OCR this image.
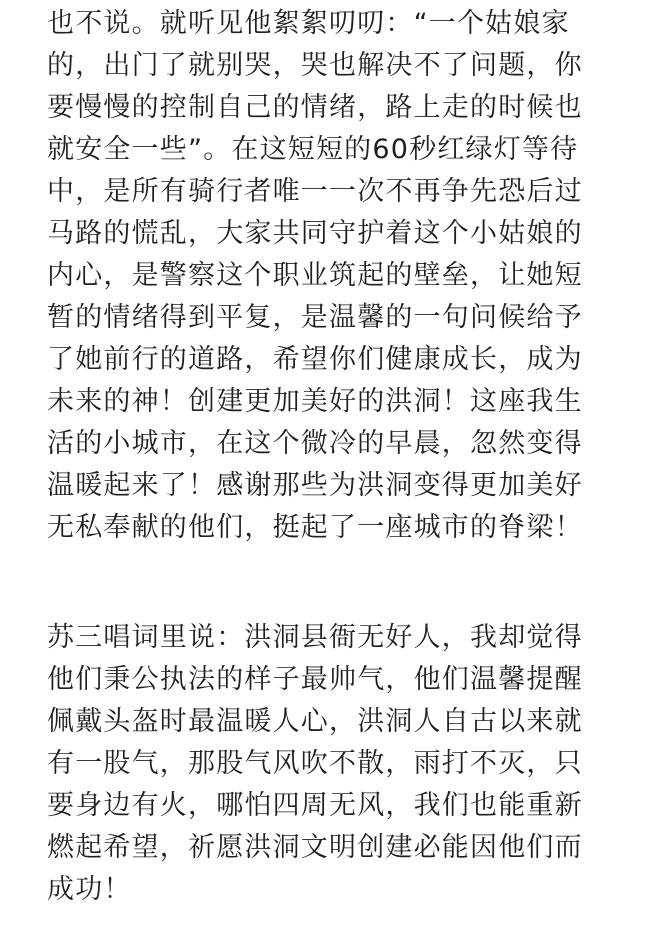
也不说。就听见他絮絮叨叨：“一个姑娘家
的，出门了就别哭，哭也解决不了问题，你
要慢慢的控制自己的情绪，路上走的时候也
就安全一些”。在这短短的60秒红绿灯等待
中，是所有骑行者唯一一次不再争先恐后过
马路的慌乱，大家共同守护着这个小姑娘的
内心，是警察这个职业筑起的壁垒，让她短
暂的情绪得到平复，是温馨的一句问候给予
了她前行的道路，希望你们健康成长，成为
未来的神！创建更加美好的洪洞！这座我生
活的小城市，在这个微冷的早晨，忽然变得
温暖起来了！感谢那些为洪洞变得更加美好
无私奉献的他们，挺起了一座城市的脊梁！
苏三唱词里说：洪洞县衙无好人，我却觉得
他们秉公执法的样子最帅气，他们温馨提醒
佩戴头盔时最温暖人心，洪洞人自古以来就
有一股气，那股气风吹不散，雨打不灭，只
要身边有火，哪怕四周无风，我们也能重新
燃起希望，祈愿洪洞文明创建必能因他们而
成功！
